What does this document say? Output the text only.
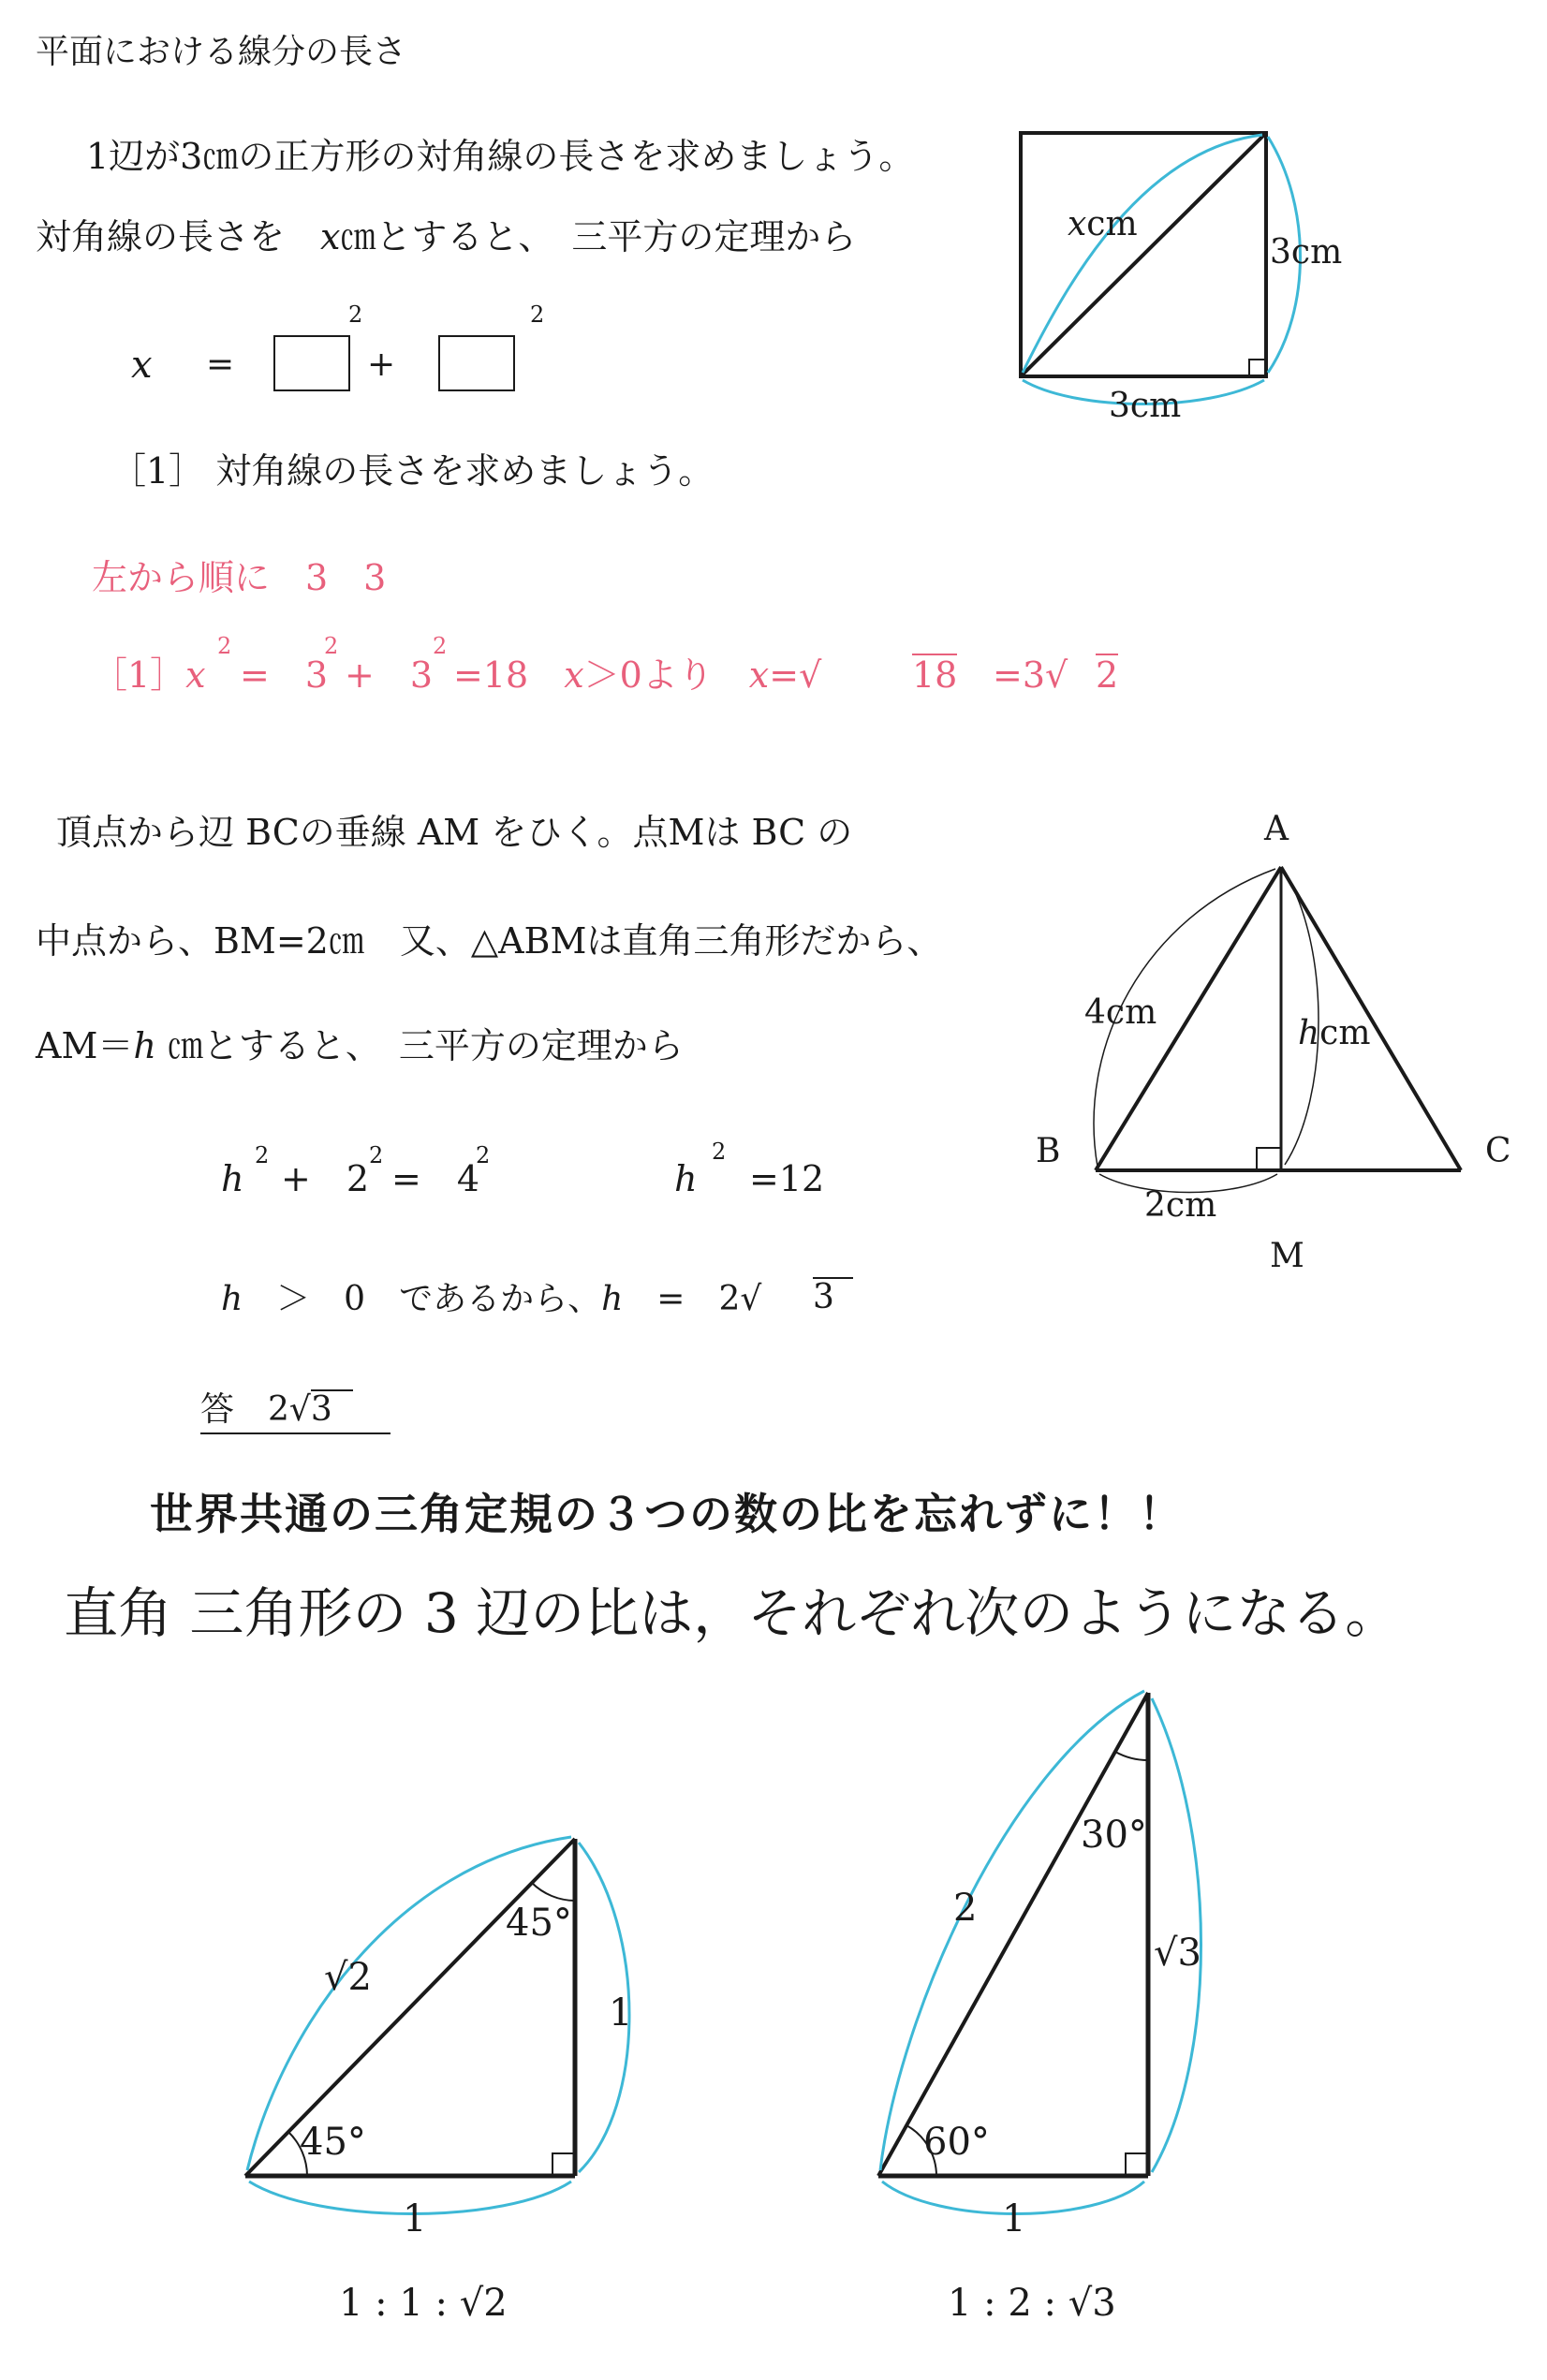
平面における線分の長さ
1辺が3㎝の正方形の対角線の長さを求めましょう。
対角線の長さを　𝑥㎝とすると、　三平方の定理から
𝑥 =
2
+
2
［1］ 対角線の長さを求めましょう。
左から順に　3　3
［1］𝑥
2
=　3
2
+　3
2
=18　𝑥＞0より　𝑥=√	18 =3√ 2
𝑥cm
3cm
3cm
頂点から辺 BCの垂線 AM をひく。点Mは BC の
中点から、BM=2㎝　又、△ABMは直角三角形だから、
AM＝ℎ ㎝とすると、　三平方の定理から
ℎ
2
+　2
2
=　4
2
ℎ
2
=12
ℎ　＞　0　であるから、ℎ　=　2√ 3
答　2√3
A
B	C
M
4cm
ℎcm
2cm
世界共通の三角定規の３つの数の比を忘れずに！！
直角 三角形の 3 辺の比は，それぞれ次のようになる。
√2
1
1
45°
45°
1 : 1 : √2
2
√3
1
30°
60°
1 : 2 : √3
